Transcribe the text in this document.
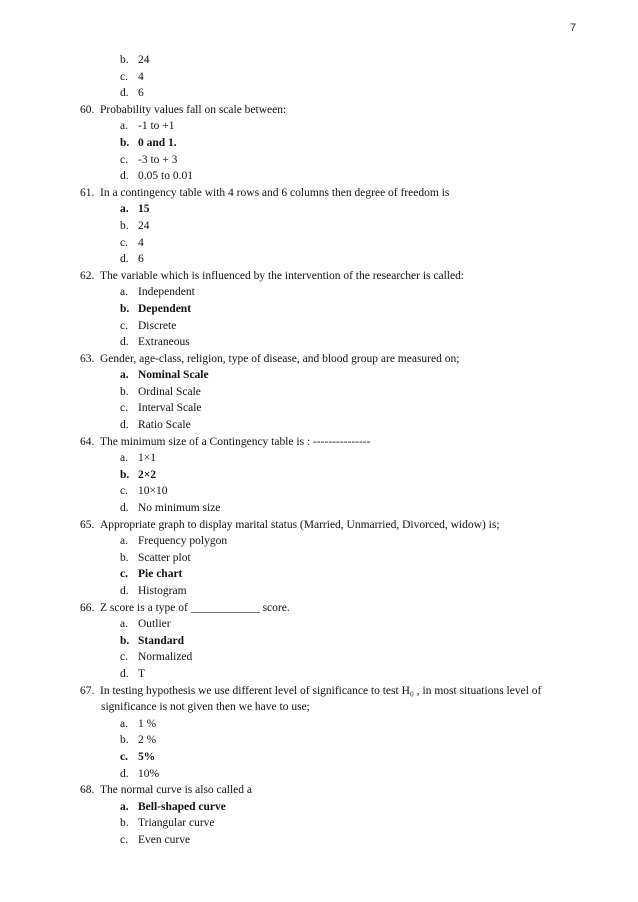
7
b. 24
c. 4
d. 6
60. Probability values fall on scale between:
a. -1 to +1
b. 0 and 1.
c. -3 to + 3
d. 0.05 to 0.01
61. In a contingency table with 4 rows and 6 columns then degree of freedom is
a. 15
b. 24
c. 4
d. 6
62. The variable which is influenced by the intervention of the researcher is called:
a. Independent
b. Dependent
c. Discrete
d. Extraneous
63. Gender, age-class, religion, type of disease, and blood group are measured on;
a. Nominal Scale
b. Ordinal Scale
c. Interval Scale
d. Ratio Scale
64. The minimum size of a Contingency table is : ---------------
a. 1×1
b. 2×2
c. 10×10
d. No minimum size
65. Appropriate graph to display marital status (Married, Unmarried, Divorced, widow) is;
a. Frequency polygon
b. Scatter plot
c. Pie chart
d. Histogram
66. Z score is a type of ____________ score.
a. Outlier
b. Standard
c. Normalized
d. T
67. In testing hypothesis we use different level of significance to test H₀ , in most situations level of
significance is not given then we have to use;
a. 1 %
b. 2 %
c. 5%
d. 10%
68. The normal curve is also called a
a. Bell-shaped curve
b. Triangular curve
c. Even curve
